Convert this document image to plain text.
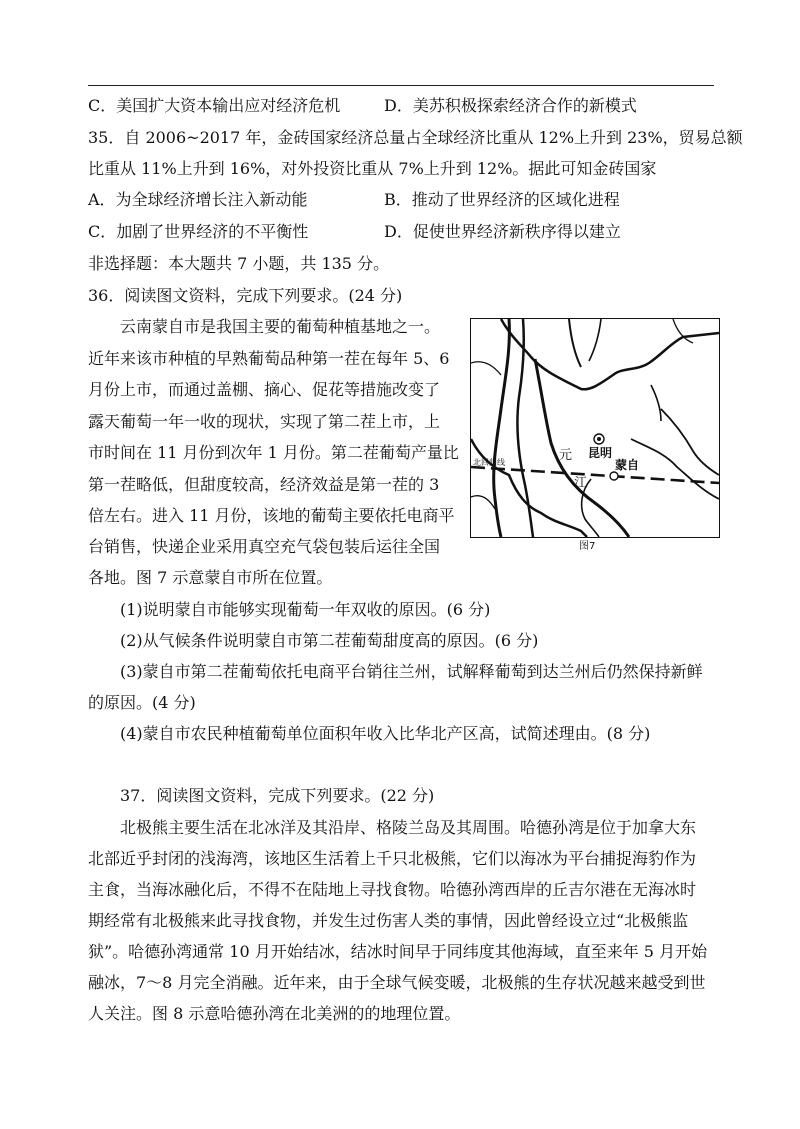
C．美国扩大资本输出应对经济危机	D．美苏积极探索经济合作的新模式
35．自 2006~2017 年，金砖国家经济总量占全球经济比重从 12%上升到 23%，贸易总额
比重从 11%上升到 16%，对外投资比重从 7%上升到 12%。据此可知金砖国家
A．为全球经济增长注入新动能	B．推动了世界经济的区域化进程
C．加剧了世界经济的不平衡性	D．促使世界经济新秩序得以建立
非选择题：本大题共 7 小题，共 135 分。
36．阅读图文资料，完成下列要求。(24 分)
云南蒙自市是我国主要的葡萄种植基地之一。
近年来该市种植的早熟葡萄品种第一茬在每年 5、6
月份上市，而通过盖棚、摘心、促花等措施改变了
露天葡萄一年一收的现状，实现了第二茬上市，上
市时间在 11 月份到次年 1 月份。第二茬葡萄产量比
第一茬略低，但甜度较高，经济效益是第一茬的 3
倍左右。进入 11 月份，该地的葡萄主要依托电商平
台销售，快递企业采用真空充气袋包装后运往全国
各地。图 7 示意蒙自市所在位置。
昆明
蒙自
元
江
北回归线
图7
(1)说明蒙自市能够实现葡萄一年双收的原因。(6 分)
(2)从气候条件说明蒙自市第二茬葡萄甜度高的原因。(6 分)
(3)蒙自市第二茬葡萄依托电商平台销往兰州，试解释葡萄到达兰州后仍然保持新鲜
的原因。(4 分)
(4)蒙自市农民种植葡萄单位面积年收入比华北产区高，试简述理由。(8 分)
37．阅读图文资料，完成下列要求。(22 分)
北极熊主要生活在北冰洋及其沿岸、格陵兰岛及其周围。哈德孙湾是位于加拿大东
北部近乎封闭的浅海湾，该地区生活着上千只北极熊，它们以海冰为平台捕捉海豹作为
主食，当海冰融化后，不得不在陆地上寻找食物。哈德孙湾西岸的丘吉尔港在无海冰时
期经常有北极熊来此寻找食物，并发生过伤害人类的事情，因此曾经设立过“北极熊监
狱”。哈德孙湾通常 10 月开始结冰，结冰时间早于同纬度其他海域，直至来年 5 月开始
融冰，7～8 月完全消融。近年来，由于全球气候变暖，北极熊的生存状况越来越受到世
人关注。图 8 示意哈德孙湾在北美洲的的地理位置。
